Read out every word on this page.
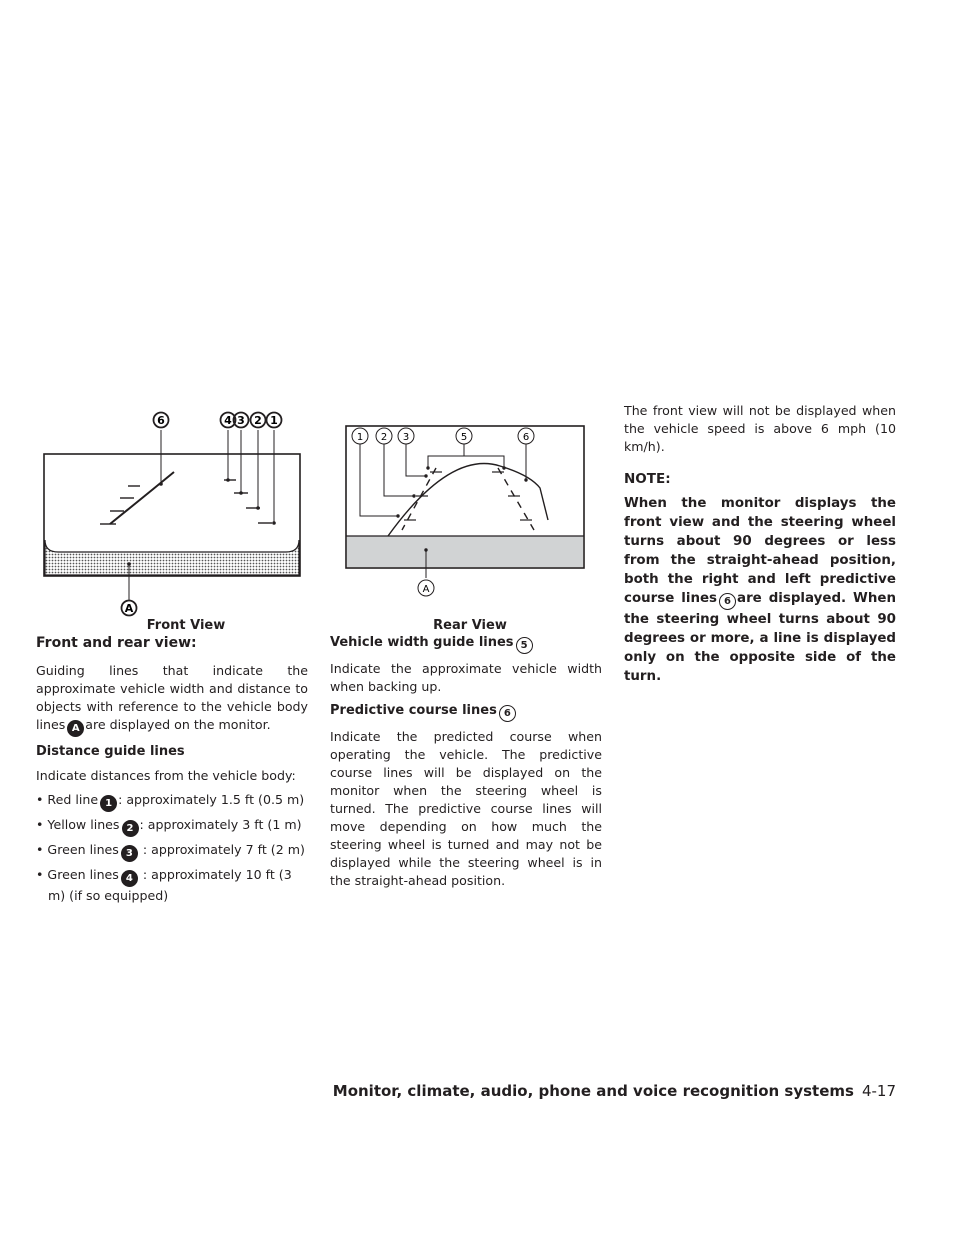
6	4 3 2 1
A
Front View
1 2 3	5	6
A
Rear View

Front and rear view:

Guiding lines that indicate the approximate vehicle width and distance to objects with reference to the vehicle body lines A are displayed on the monitor.

Distance guide lines

Indicate distances from the vehicle body:

• Red line 1 : approximately 1.5 ft (0.5 m)

• Yellow lines 2 : approximately 3 ft (1 m)

• Green lines 3 : approximately 7 ft (2 m)

• Green lines 4 : approximately 10 ft (3 m) (if so equipped)

Vehicle width guide lines 5

Indicate the approximate vehicle width when backing up.

Predictive course lines 6

Indicate the predicted course when operating the vehicle. The predictive course lines will be displayed on the monitor when the steering wheel is turned. The predictive course lines will move depending on how much the steering wheel is turned and may not be displayed while the steering wheel is in the straight-ahead position.

The front view will not be displayed when the vehicle speed is above 6 mph (10 km/h).

NOTE:

When the monitor displays the front view and the steering wheel turns about 90 degrees or less from the straight-ahead position, both the right and left predictive course lines 6 are displayed. When the steering wheel turns about 90 degrees or more, a line is displayed only on the opposite side of the turn.

Monitor, climate, audio, phone and voice recognition systems 4-17
